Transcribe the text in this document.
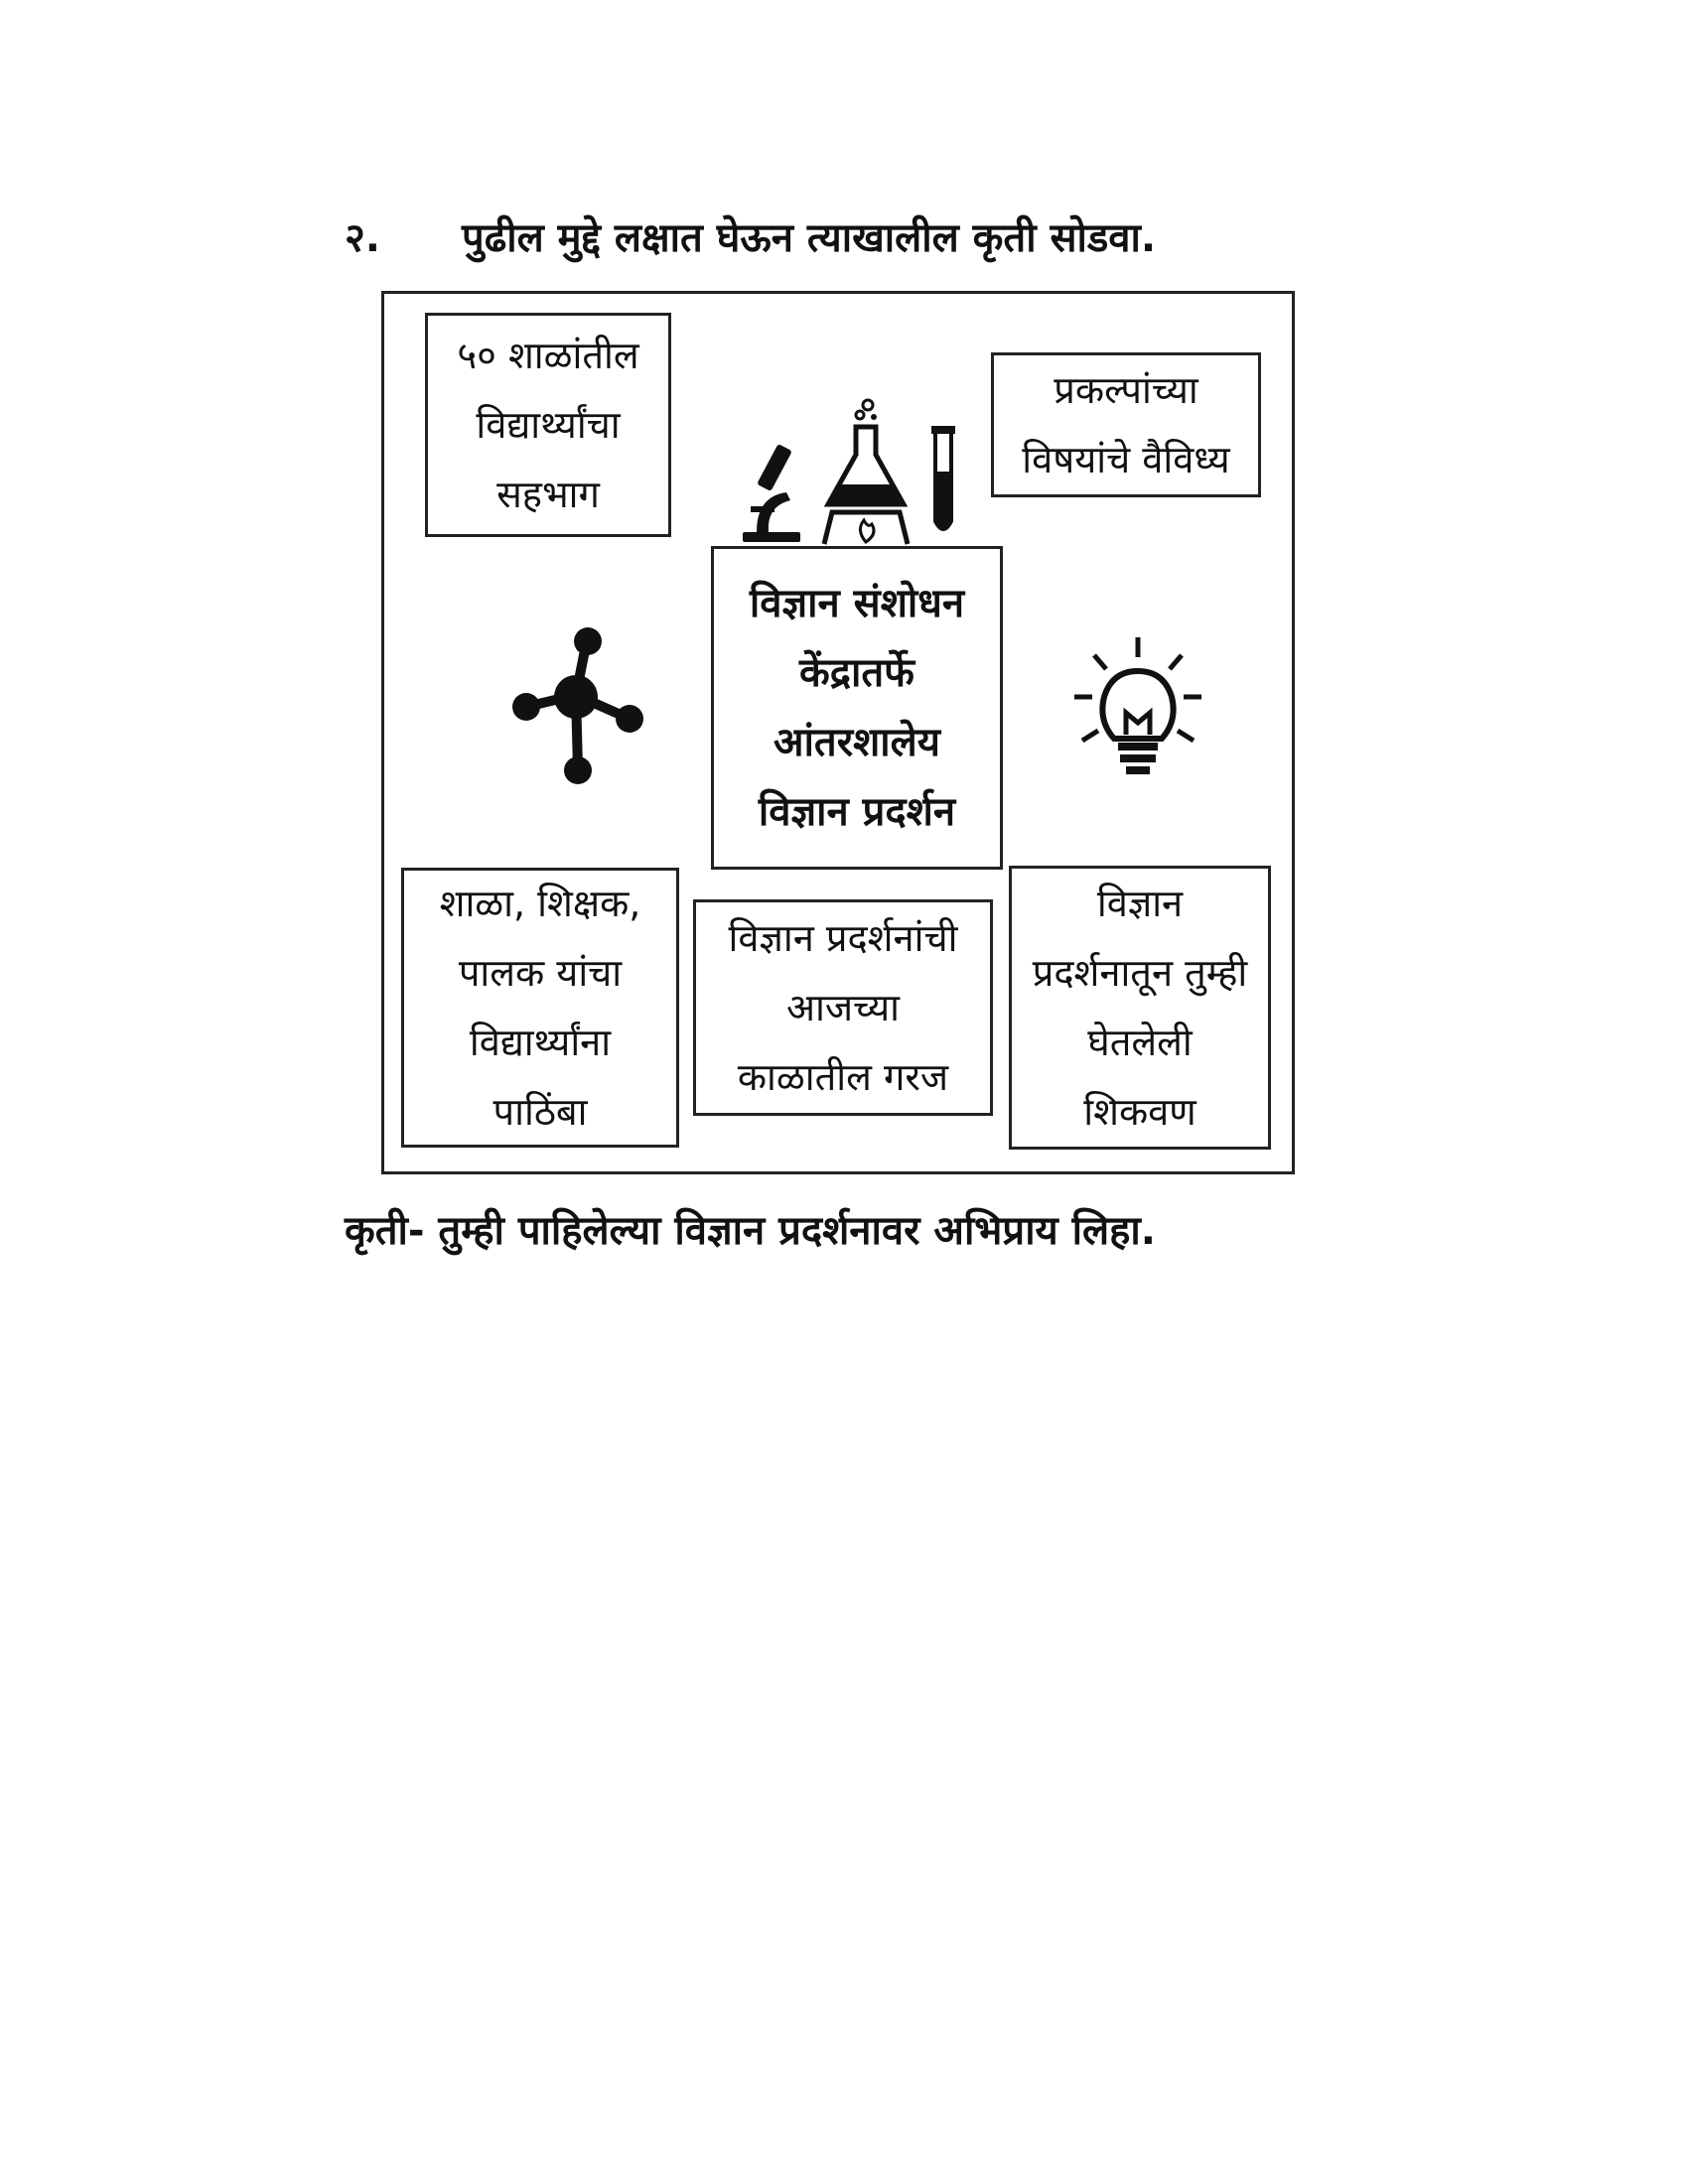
२. पुढील मुद्दे लक्षात घेऊन त्याखालील कृती सोडवा.
५० शाळांतील
विद्यार्थ्यांचा
सहभाग
प्रकल्पांच्या
विषयांचे वैविध्य
विज्ञान संशोधन
केंद्रातर्फे
आंतरशालेय
विज्ञान प्रदर्शन
शाळा, शिक्षक,
पालक यांचा
विद्यार्थ्यांना
पाठिंबा
विज्ञान प्रदर्शनांची
आजच्या
काळातील गरज
विज्ञान
प्रदर्शनातून तुम्ही
घेतलेली
शिकवण
कृती- तुम्ही पाहिलेल्या विज्ञान प्रदर्शनावर अभिप्राय लिहा.
